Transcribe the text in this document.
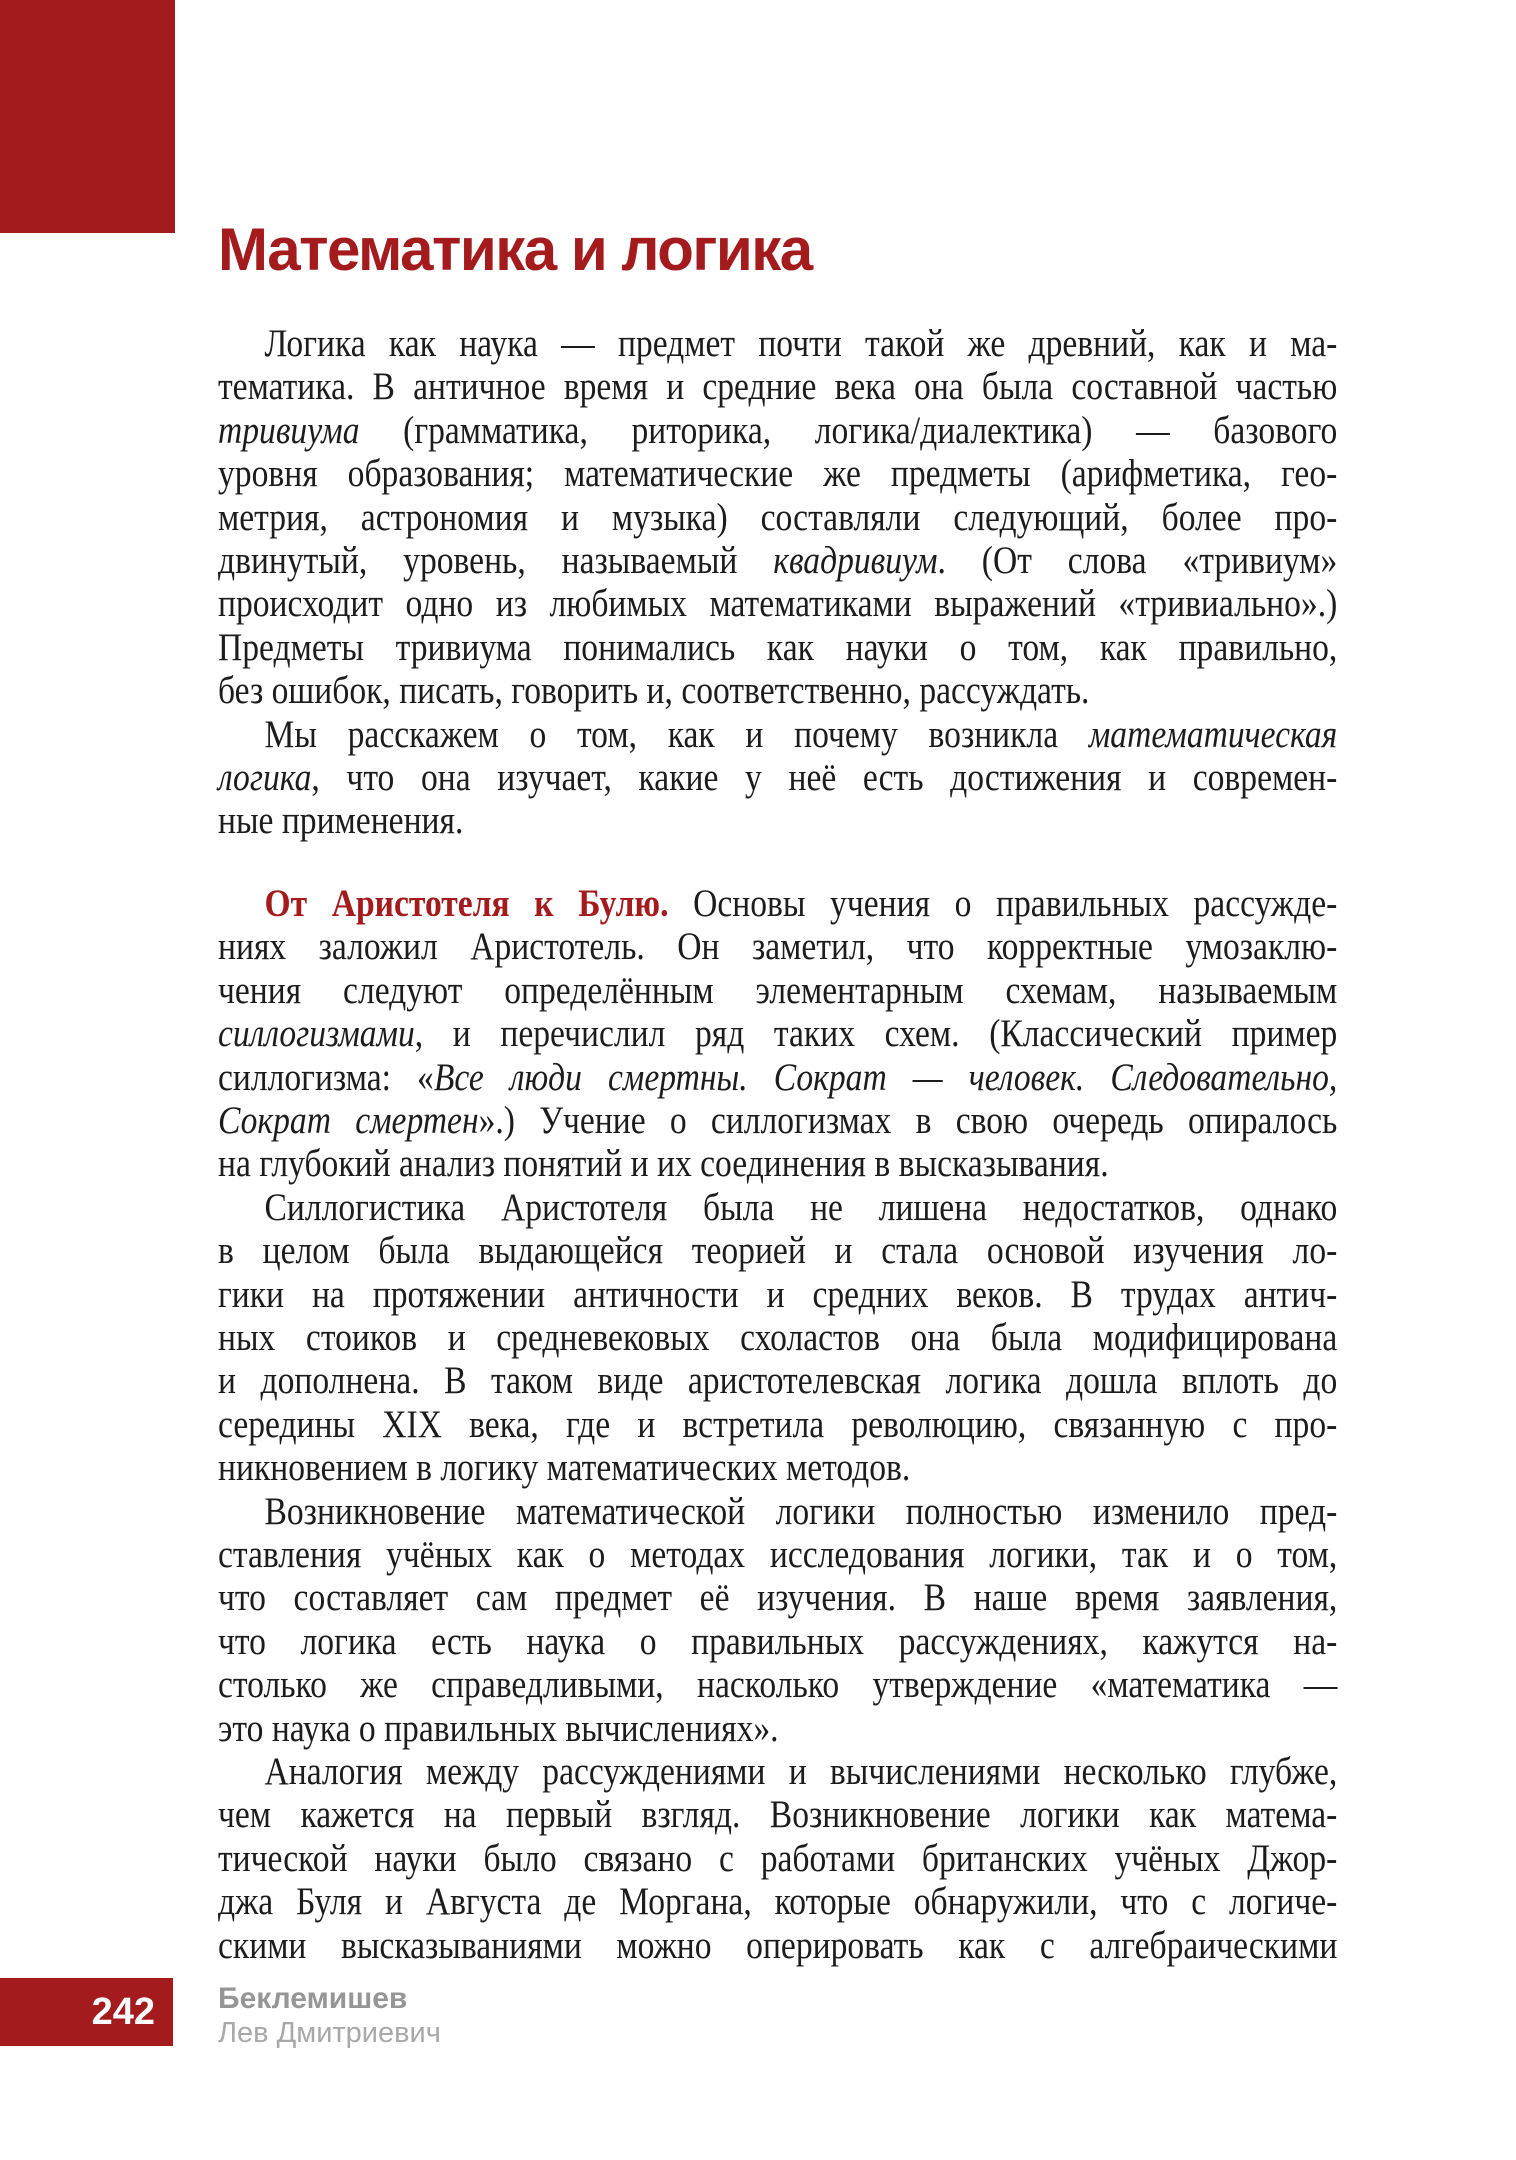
Математика и логика
Логика как наука — предмет почти такой же древний, как и ма-
тематика. В античное время и средние века она была составной частью
тривиума (грамматика, риторика, логика/диалектика) — базового
уровня образования; математические же предметы (арифметика, гео-
метрия, астрономия и музыка) составляли следующий, более про-
двинутый, уровень, называемый квадривиум. (От слова «тривиум»
происходит одно из любимых математиками выражений «тривиально».)
Предметы тривиума понимались как науки о том, как правильно,
без ошибок, писать, говорить и, соответственно, рассуждать.
Мы расскажем о том, как и почему возникла математическая
логика, что она изучает, какие у неё есть достижения и современ-
ные применения.
От Аристотеля к Булю. Основы учения о правильных рассужде-
ниях заложил Аристотель. Он заметил, что корректные умозаклю-
чения следуют определённым элементарным схемам, называемым
силлогизмами, и перечислил ряд таких схем. (Классический пример
силлогизма: «Все люди смертны. Сократ — человек. Следовательно,
Сократ смертен».) Учение о силлогизмах в свою очередь опиралось
на глубокий анализ понятий и их соединения в высказывания.
Силлогистика Аристотеля была не лишена недостатков, однако
в целом была выдающейся теорией и стала основой изучения ло-
гики на протяжении античности и средних веков. В трудах антич-
ных стоиков и средневековых схоластов она была модифицирована
и дополнена. В таком виде аристотелевская логика дошла вплоть до
середины XIX века, где и встретила революцию, связанную с про-
никновением в логику математических методов.
Возникновение математической логики полностью изменило пред-
ставления учёных как о методах исследования логики, так и о том,
что составляет сам предмет её изучения. В наше время заявления,
что логика есть наука о правильных рассуждениях, кажутся на-
столько же справедливыми, насколько утверждение «математика —
это наука о правильных вычислениях».
Аналогия между рассуждениями и вычислениями несколько глубже,
чем кажется на первый взгляд. Возникновение логики как матема-
тической науки было связано с работами британских учёных Джор-
джа Буля и Августа де Моргана, которые обнаружили, что с логиче-
скими высказываниями можно оперировать как с алгебраическими
242 Беклемишев
Лев Дмитриевич
